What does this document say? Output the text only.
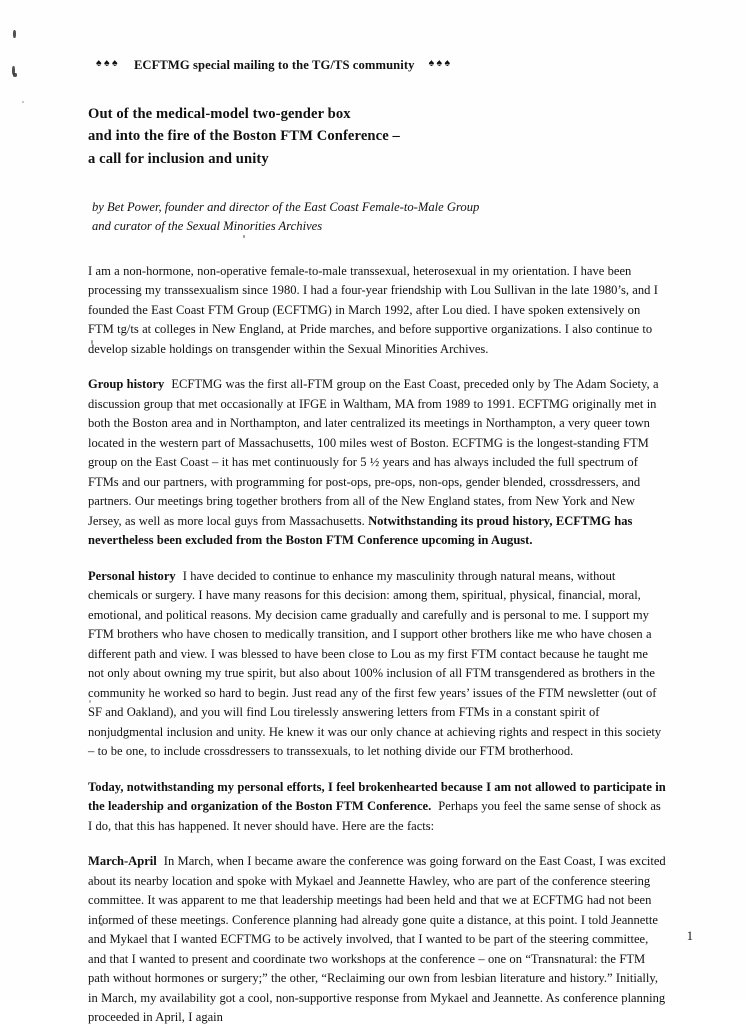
♠♠♠ ECFTMG special mailing to the TG/TS community ♠♠♠
Out of the medical-model two-gender box
and into the fire of the Boston FTM Conference –
a call for inclusion and unity
by Bet Power, founder and director of the East Coast Female-to-Male Group
and curator of the Sexual Minorities Archives

I am a non-hormone, non-operative female-to-male transsexual, heterosexual in my orientation. I have been processing my transsexualism since 1980. I had a four-year friendship with Lou Sullivan in the late 1980’s, and I founded the East Coast FTM Group (ECFTMG) in March 1992, after Lou died. I have spoken extensively on FTM tg/ts at colleges in New England, at Pride marches, and before supportive organizations. I also continue to develop sizable holdings on transgender within the Sexual Minorities Archives.

Group history ECFTMG was the first all-FTM group on the East Coast, preceded only by The Adam Society, a discussion group that met occasionally at IFGE in Waltham, MA from 1989 to 1991. ECFTMG originally met in both the Boston area and in Northampton, and later centralized its meetings in Northampton, a very queer town located in the western part of Massachusetts, 100 miles west of Boston. ECFTMG is the longest-standing FTM group on the East Coast – it has met continuously for 5 ½ years and has always included the full spectrum of FTMs and our partners, with programming for post-ops, pre-ops, non-ops, gender blended, crossdressers, and partners. Our meetings bring together brothers from all of the New England states, from New York and New Jersey, as well as more local guys from Massachusetts. Notwithstanding its proud history, ECFTMG has nevertheless been excluded from the Boston FTM Conference upcoming in August.

Personal history I have decided to continue to enhance my masculinity through natural means, without chemicals or surgery. I have many reasons for this decision: among them, spiritual, physical, financial, moral, emotional, and political reasons. My decision came gradually and carefully and is personal to me. I support my FTM brothers who have chosen to medically transition, and I support other brothers like me who have chosen a different path and view. I was blessed to have been close to Lou as my first FTM contact because he taught me not only about owning my true spirit, but also about 100% inclusion of all FTM transgendered as brothers in the community he worked so hard to begin. Just read any of the first few years’ issues of the FTM newsletter (out of SF and Oakland), and you will find Lou tirelessly answering letters from FTMs in a constant spirit of nonjudgmental inclusion and unity. He knew it was our only chance at achieving rights and respect in this society – to be one, to include crossdressers to transsexuals, to let nothing divide our FTM brotherhood.

Today, notwithstanding my personal efforts, I feel brokenhearted because I am not allowed to participate in the leadership and organization of the Boston FTM Conference. Perhaps you feel the same sense of shock as I do, that this has happened. It never should have. Here are the facts:

March-April In March, when I became aware the conference was going forward on the East Coast, I was excited about its nearby location and spoke with Mykael and Jeannette Hawley, who are part of the conference steering committee. It was apparent to me that leadership meetings had been held and that we at ECFTMG had not been informed of these meetings. Conference planning had already gone quite a distance, at this point. I told Jeannette and Mykael that I wanted ECFTMG to be actively involved, that I wanted to be part of the steering committee, and that I wanted to present and coordinate two workshops at the conference – one on “Transnatural: the FTM path without hormones or surgery;” the other, “Reclaiming our own from lesbian literature and history.” Initially, in March, my availability got a cool, non-supportive response from Mykael and Jeannette. As conference planning proceeded in April, I again

1
